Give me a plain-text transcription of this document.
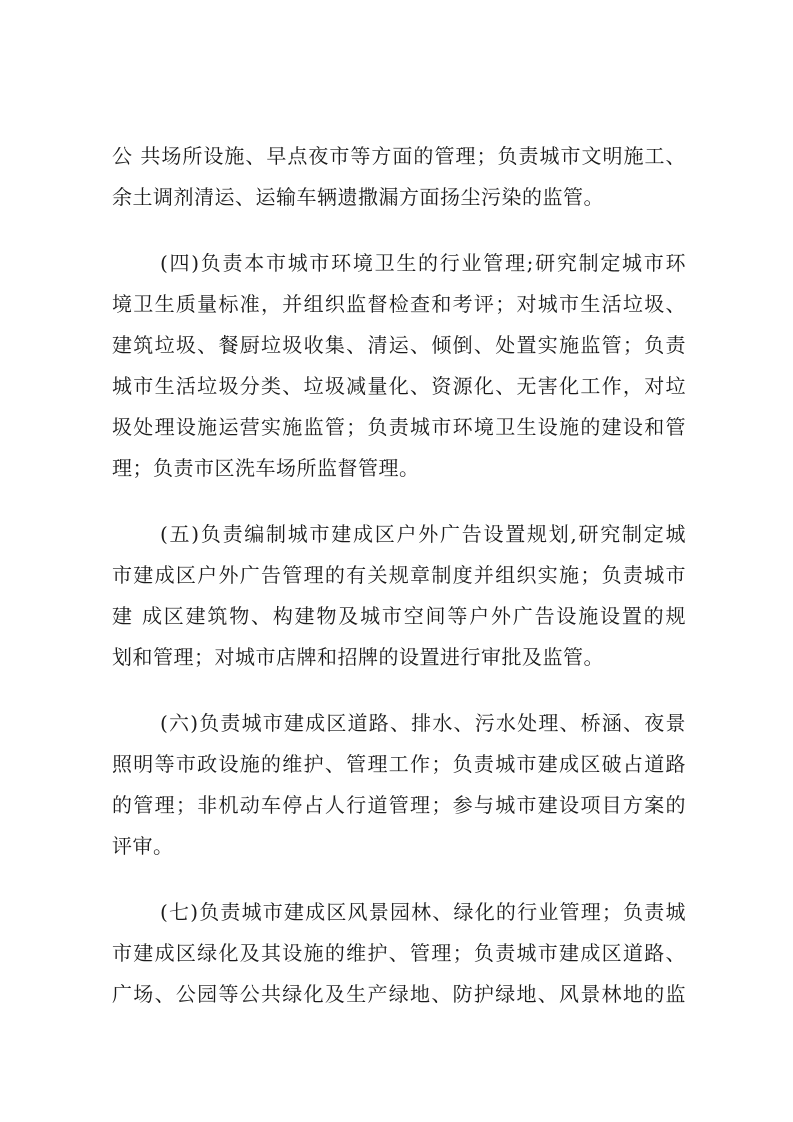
公 共场所设施、早点夜市等方面的管理；负责城市文明施工、
余土调剂清运、运输车辆遗撒漏方面扬尘污染的监管。
(四)负责本市城市环境卫生的行业管理;研究制定城市环
境卫生质量标准，并组织监督检查和考评；对城市生活垃圾、
建筑垃圾、餐厨垃圾收集、清运、倾倒、处置实施监管；负责
城市生活垃圾分类、垃圾减量化、资源化、无害化工作，对垃
圾处理设施运营实施监管；负责城市环境卫生设施的建设和管
理；负责市区洗车场所监督管理。
(五)负责编制城市建成区户外广告设置规划,研究制定城
市建成区户外广告管理的有关规章制度并组织实施；负责城市
建 成区建筑物、构建物及城市空间等户外广告设施设置的规
划和管理；对城市店牌和招牌的设置进行审批及监管。
(六)负责城市建成区道路、排水、污水处理、桥涵、夜景
照明等市政设施的维护、管理工作；负责城市建成区破占道路
的管理；非机动车停占人行道管理；参与城市建设项目方案的
评审。
(七)负责城市建成区风景园林、绿化的行业管理；负责城
市建成区绿化及其设施的维护、管理；负责城市建成区道路、
广场、公园等公共绿化及生产绿地、防护绿地、风景林地的监
